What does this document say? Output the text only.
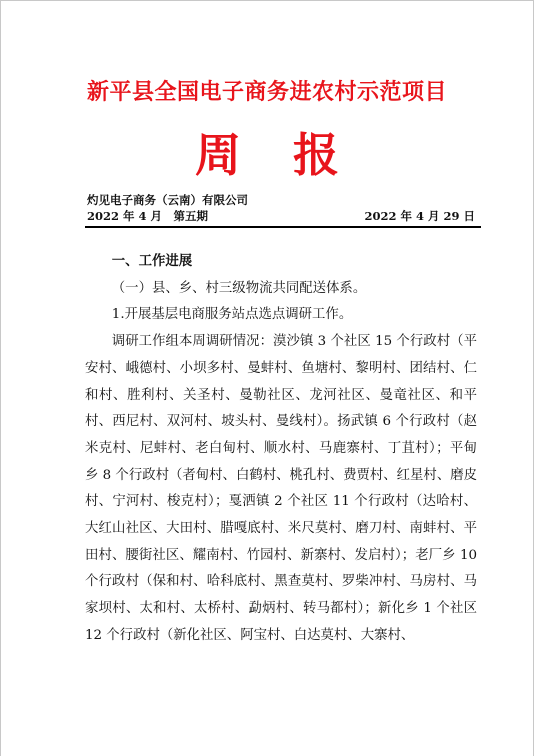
新平县全国电子商务进农村示范项目
周报
灼见电子商务（云南）有限公司
2022 年 4 月　第五期	2022 年 4 月 29 日

一、工作进展

（一）县、乡、村三级物流共同配送体系。

1.开展基层电商服务站点选点调研工作。

调研工作组本周调研情况：漠沙镇 3 个社区 15 个行政村（平安村、峨德村、小坝多村、曼蚌村、鱼塘村、黎明村、团结村、仁和村、胜利村、关圣村、曼勒社区、龙河社区、曼竜社区、和平村、西尼村、双河村、坡头村、曼线村）。扬武镇 6 个行政村（赵米克村、尼蚌村、老白甸村、顺水村、马鹿寨村、丁苴村）；平甸乡 8 个行政村（者甸村、白鹤村、桃孔村、费贾村、红星村、磨皮村、宁河村、梭克村）；戛洒镇 2 个社区 11 个行政村（达哈村、大红山社区、大田村、腊嘎底村、米尺莫村、磨刀村、南蚌村、平田村、腰街社区、耀南村、竹园村、新寨村、发启村）；老厂乡 10 个行政村（保和村、哈科底村、黑查莫村、罗柴冲村、马房村、马家坝村、太和村、太桥村、勐炳村、转马都村）；新化乡 1 个社区 12 个行政村（新化社区、阿宝村、白达莫村、大寨村、
